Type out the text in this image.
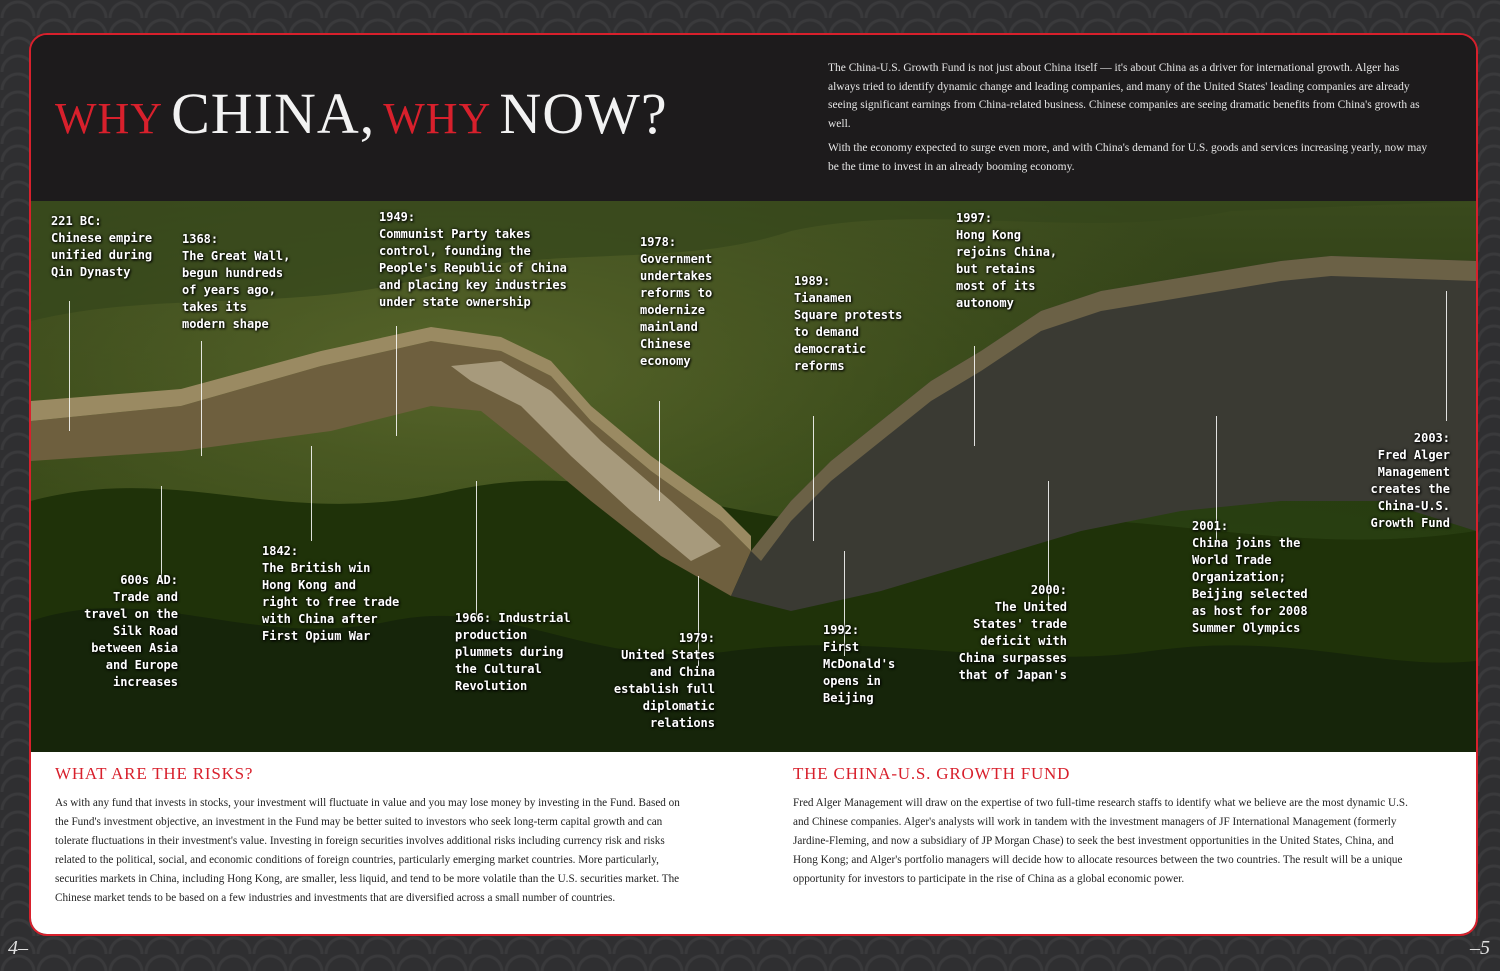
WHY CHINA, WHY NOW?

The China-U.S. Growth Fund is not just about China itself — it's about China as a driver for international growth. Alger has always tried to identify dynamic change and leading companies, and many of the United States' leading companies are already seeing significant earnings from China-related business. Chinese companies are seeing dramatic benefits from China's growth as well.

With the economy expected to surge even more, and with China's demand for U.S. goods and services increasing yearly, now may be the time to invest in an already booming economy.

221 BC:
Chinese empire
unified during
Qin Dynasty
1368:
The Great Wall,
begun hundreds
of years ago,
takes its
modern shape
600s AD:
Trade and
travel on the
Silk Road
between Asia
and Europe
increases
1842:
The British win
Hong Kong and
right to free trade
with China after
First Opium War
1949:
Communist Party takes
control, founding the
People's Republic of China
and placing key industries
under state ownership
1966: Industrial
production
plummets during
the Cultural
Revolution
1978:
Government
undertakes
reforms to
modernize
mainland
Chinese
economy
1979:
United States
and China
establish full
diplomatic
relations
1989:
Tianamen
Square protests
to demand
democratic
reforms
1992:
First
McDonald's
opens in
Beijing
1997:
Hong Kong
rejoins China,
but retains
most of its
autonomy
2000:
The United
States' trade
deficit with
China surpasses
that of Japan's
2001:
China joins the
World Trade
Organization;
Beijing selected
as host for 2008
Summer Olympics
2003:
Fred Alger
Management
creates the
China-U.S.
Growth Fund
WHAT ARE THE RISKS?

As with any fund that invests in stocks, your investment will fluctuate in value and you may lose money by investing in the Fund. Based on the Fund's investment objective, an investment in the Fund may be better suited to investors who seek long-term capital growth and can tolerate fluctuations in their investment's value. Investing in foreign securities involves additional risks including currency risk and risks related to the political, social, and economic conditions of foreign countries, particularly emerging market countries. More particularly, securities markets in China, including Hong Kong, are smaller, less liquid, and tend to be more volatile than the U.S. securities market. The Chinese market tends to be based on a few industries and investments that are diversified across a small number of countries.

THE CHINA-U.S. GROWTH FUND

Fred Alger Management will draw on the expertise of two full-time research staffs to identify what we believe are the most dynamic U.S. and Chinese companies. Alger's analysts will work in tandem with the investment managers of JF International Management (formerly Jardine-Fleming, and now a subsidiary of JP Morgan Chase) to seek the best investment opportunities in the United States, China, and Hong Kong; and Alger's portfolio managers will decide how to allocate resources between the two countries. The result will be a unique opportunity for investors to participate in the rise of China as a global economic power.

4–	–5
